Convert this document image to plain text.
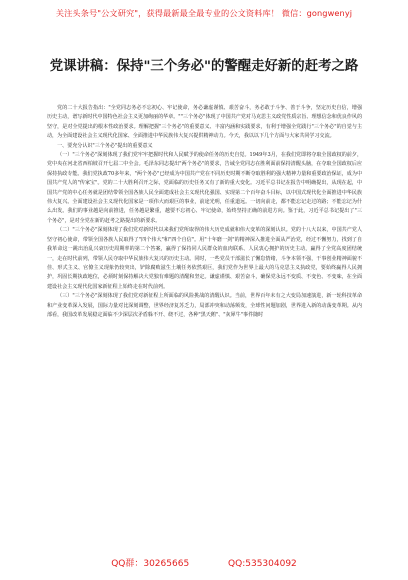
关注头条号"公文研究"，获得最新最全最专业的公文资料库！ 微信：gongwenyj
党课讲稿：保持"三个务必"的警醒走好新的赶考之路

党的二十大报告指出："全党同志务必不忘初心、牢记使命，务必谦虚谨慎、艰苦奋斗，务必敢于斗争、善于斗争，坚定历史自信，增强历史主动，谱写新时代中国特色社会主义更加绚丽的华章。""三个务必"体现了中国共产党对马克思主义政党性质宗旨、理想信念和优良作风的坚守，是对全党提出的根本性政治要求。理解把握"三个务必"的重要意义、丰富内涵和实践要求，有利于增强全党践行"三个务必"的自觉与主动，为全面建设社会主义现代化国家、全面推进中华民族伟大复兴提供精神动力。今天，我以以下几个方面与大家共同学习交流。

一、要充分认识"三个务必"提出的重要意义

（一）"三个务必"深刻体现了我们党牢牢把握时代和人民赋予的使命任务的历史自觉。1949年3月，在我们党即将夺取全国政权的前夕，党中央在河北省西柏坡召开七届二中全会。毛泽东同志提出"两个务必"的要求，告诫全党同志在胜利面前保持清醒头脑，在夺取全国政权后应保持执政专能。我们党执政70多年来，"两个务必"已经成为中国共产党在不同历史时期不断夺取胜利的强大精神力量和重要政治保证，成为中国共产党人的"传家宝"。党的二十大胜利召开之际，党面临的历史任务又有了新的重大变化。习近平总书记在报告中明确提出，从现在起，中国共产党的中心任务就是团结带领全国各族人民全面建成社会主义现代化强国、实现第二个百年奋斗目标，以中国式现代化全面推进中华民族伟大复兴。全面建设社会主义现代化国家是一项伟大而艰巨的事业，前途光明，任重道远。一切向前走，都不能忘记走过的路；不能忘记为什么出发。我们的事业越是向前推进，任务越是繁重，越要不忘初心、牢记使命，始终坚持正确的前进方向。鉴于此，习近平总书记提出了"三个务必"，是对全党在新的赶考之路提出的新要求。

（二）"三个务必"深刻体现了我们党对新时代以来我们党所取得的伟大历史成就和伟大变革的深刻认识。党的十八大以来，中国共产党人坚守初心使命，带领全国各族人民取得了"四个伟大"和"四个自信"。用"十年磨一剑"的精神深入推进全面从严治党，经过不懈努力，找到了自我革命这一跳出治乱兴衰历史周期率的第二个答案，赢得了保持同人民群众的血肉联系、人民衷心拥护的历史主动，赢得了全党高度团结统一，走在时代前列，带领人民夺取中华民族伟大复兴的历史主动。同时，一些党员干部滋长了懈怠情绪，斗争本领不强，干事创业精神面貌不佳、形式主义、官僚主义现象仍较突出，铲除腐败滋生土壤任务依然艰巨，我们党作为世界上最大的马克思主义执政党，要始终赢得人民拥护，巩固长期执政地位，必须时刻保持解决大党独有难题的清醒和坚定。谦虚谨慎、艰苦奋斗，确保党永远不变质、不变色、不变味，在全面建设社会主义现代化国家新征程上始终走在时代前列。

（三）"三个务必"深刻体现了我们党对新征程上所面临的风险挑战的清醒认识。当前，世界百年未有之大变局加速演进，新一轮科技革命和产业变革深入发展，国际力量对比深刻调整，世界经济复苏乏力，局部冲突和动荡频发，全球性问题加剧，世界进入新的动荡变革期。从内部看，我国改革发展稳定面临不少深层次矛盾躲不开、绕不过，各种"黑天鹅"、"灰犀牛"事件随时

QQ群：30265665	QQ:535304092
